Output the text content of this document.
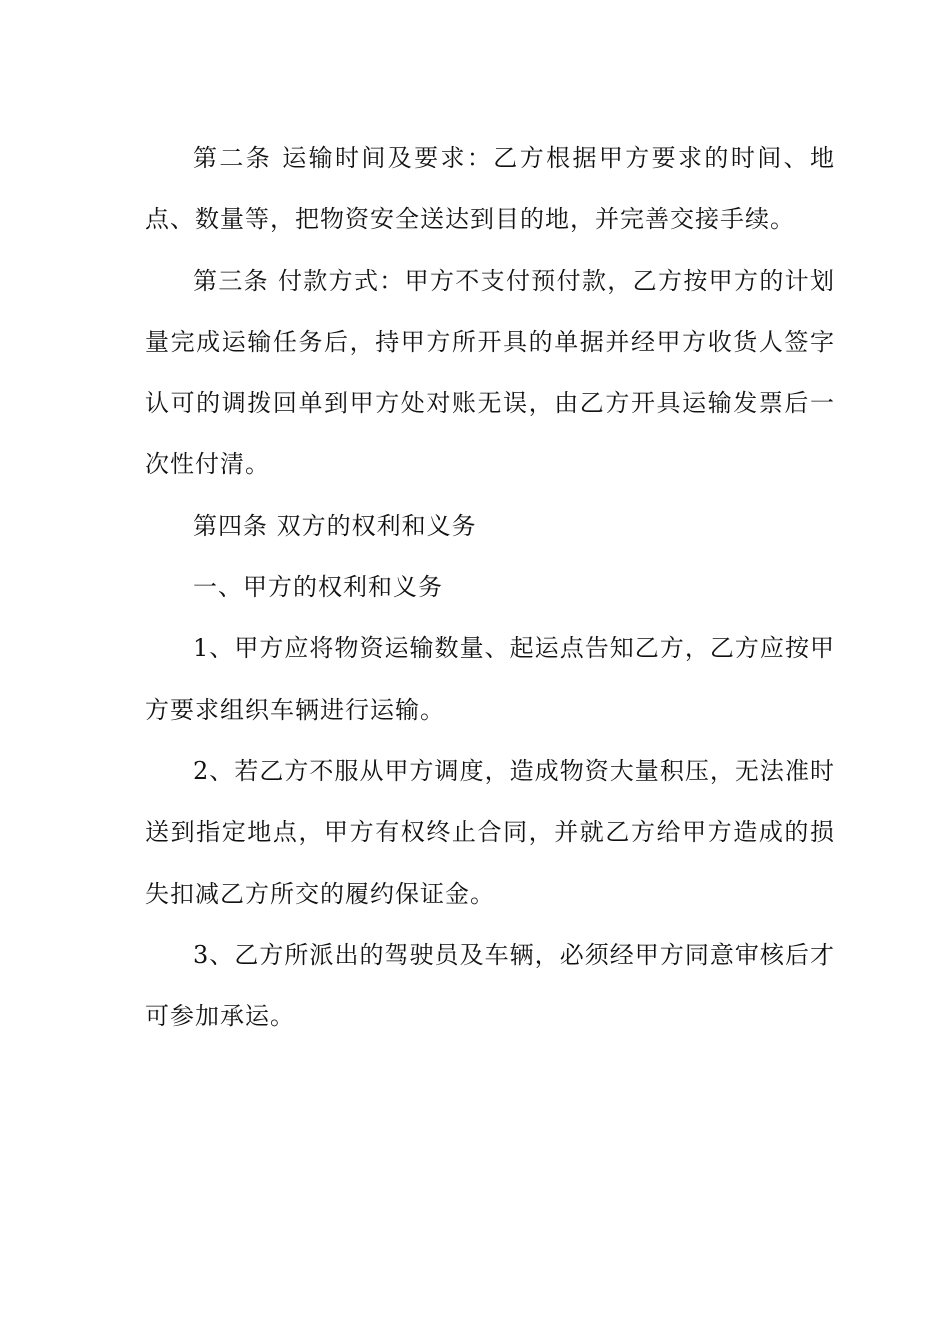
第二条 运输时间及要求：乙方根据甲方要求的时间、地点、数量等，把物资安全送达到目的地，并完善交接手续。

第三条 付款方式：甲方不支付预付款，乙方按甲方的计划量完成运输任务后，持甲方所开具的单据并经甲方收货人签字认可的调拨回单到甲方处对账无误，由乙方开具运输发票后一次性付清。

第四条 双方的权利和义务

一、甲方的权利和义务

1、甲方应将物资运输数量、起运点告知乙方，乙方应按甲方要求组织车辆进行运输。

2、若乙方不服从甲方调度，造成物资大量积压，无法准时送到指定地点，甲方有权终止合同，并就乙方给甲方造成的损失扣减乙方所交的履约保证金。

3、乙方所派出的驾驶员及车辆，必须经甲方同意审核后才可参加承运。
